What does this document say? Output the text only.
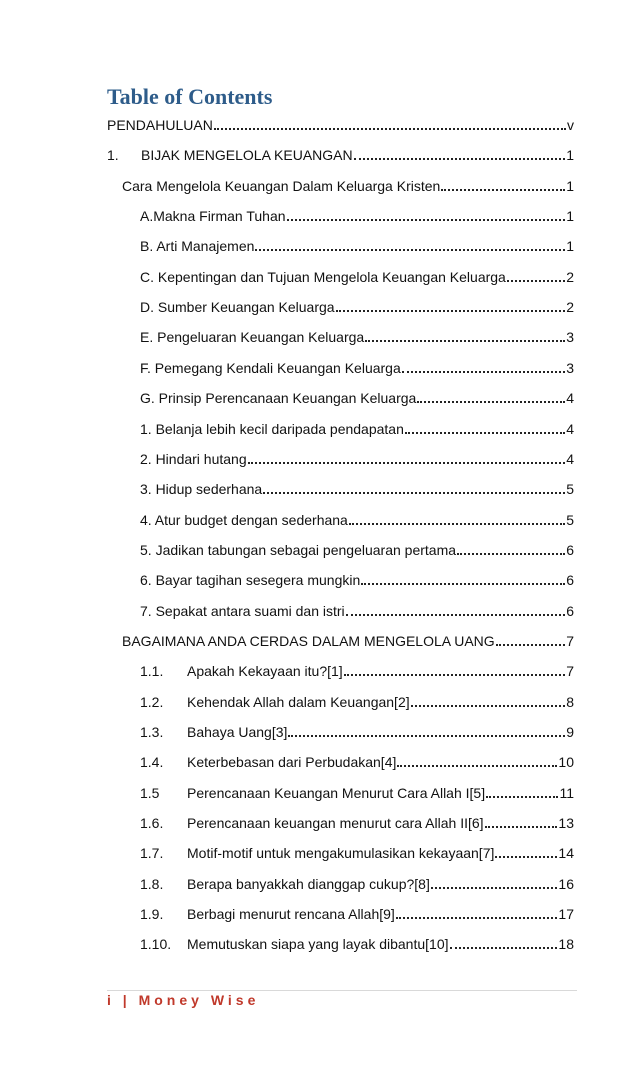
Table of Contents
PENDAHULUAN	v
1.	BIJAK MENGELOLA KEUANGAN	1
Cara Mengelola Keuangan Dalam Keluarga Kristen	1
A.Makna Firman Tuhan	1
B. Arti Manajemen	1
C. Kepentingan dan Tujuan Mengelola Keuangan Keluarga	2
D. Sumber Keuangan Keluarga	2
E. Pengeluaran Keuangan Keluarga	3
F. Pemegang Kendali Keuangan Keluarga	3
G. Prinsip Perencanaan Keuangan Keluarga	4
1. Belanja lebih kecil daripada pendapatan	4
2. Hindari hutang	4
3. Hidup sederhana	5
4. Atur budget dengan sederhana	5
5. Jadikan tabungan sebagai pengeluaran pertama	6
6. Bayar tagihan sesegera mungkin	6
7. Sepakat antara suami dan istri	6
BAGAIMANA ANDA CERDAS DALAM MENGELOLA UANG	7
1.1.	Apakah Kekayaan itu?[1]	7
1.2.	Kehendak Allah dalam Keuangan[2]	8
1.3.	Bahaya Uang[3]	9
1.4.	Keterbebasan dari Perbudakan[4]	10
1.5	Perencanaan Keuangan Menurut Cara Allah I[5]	11
1.6.	Perencanaan keuangan menurut cara Allah II[6]	13
1.7.	Motif-motif untuk mengakumulasikan kekayaan[7]	14
1.8.	Berapa banyakkah dianggap cukup?[8]	16
1.9.	Berbagi menurut rencana Allah[9]	17
1.10.	Memutuskan siapa yang layak dibantu[10]	18
i | Money Wise
